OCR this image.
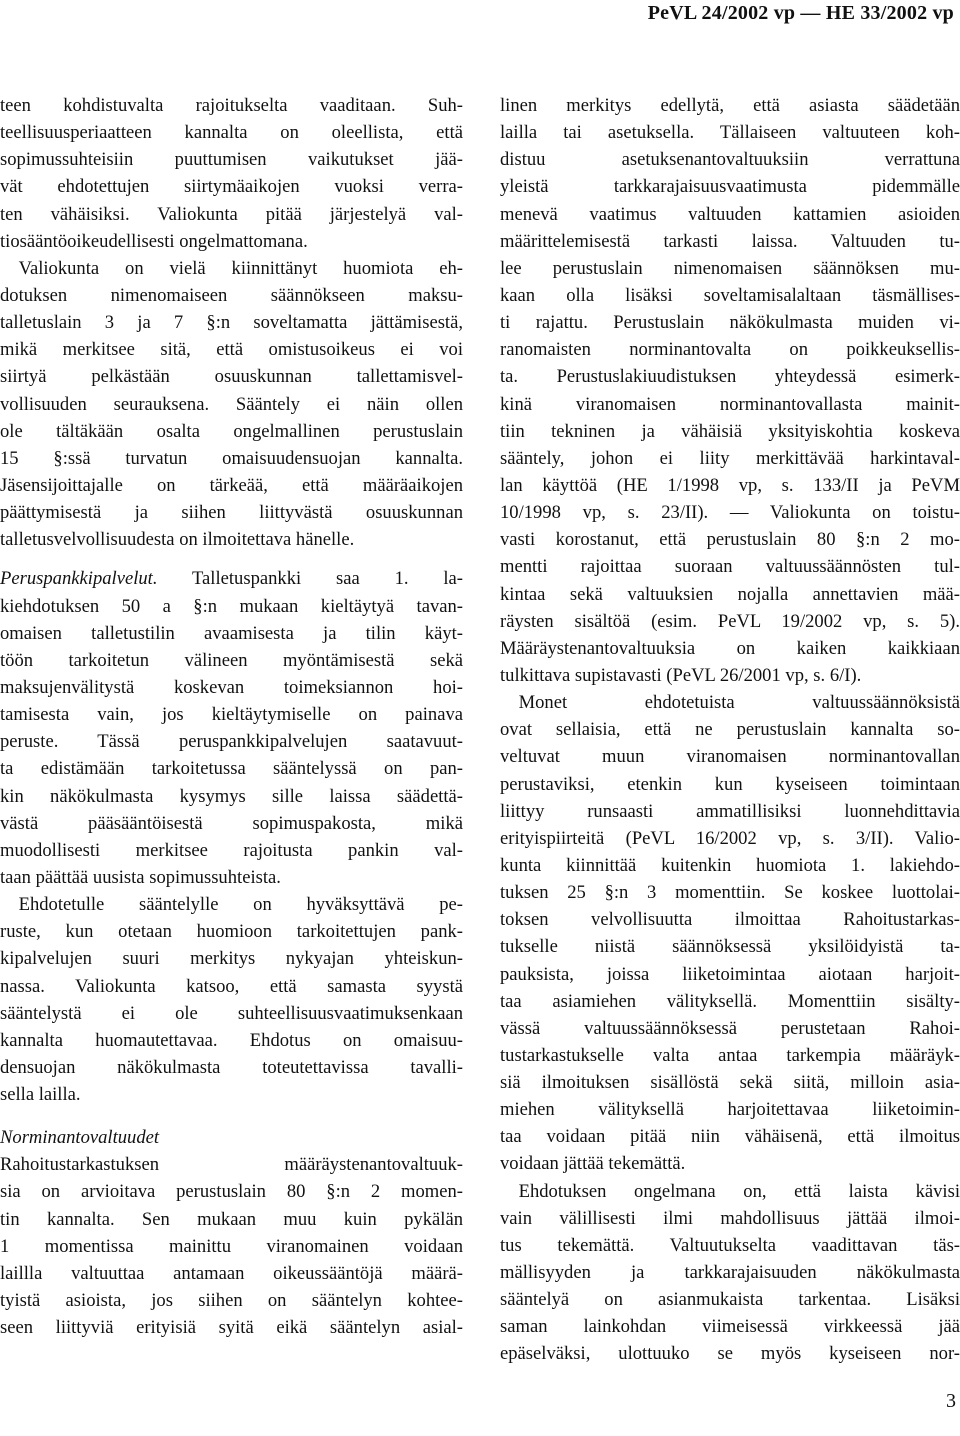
PeVL 24/2002 vp — HE 33/2002 vp
teen kohdistuvalta rajoitukselta vaaditaan. Suh-
teellisuusperiaatteen kannalta on oleellista, että
sopimussuhteisiin puuttumisen vaikutukset jää-
vät ehdotettujen siirtymäaikojen vuoksi verra-
ten vähäisiksi. Valiokunta pitää järjestelyä val-
tiosääntöoikeudellisesti ongelmattomana.
 Valiokunta on vielä kiinnittänyt huomiota eh-
dotuksen nimenomaiseen säännökseen maksu-
talletuslain 3 ja 7 §:n soveltamatta jättämisestä,
mikä merkitsee sitä, että omistusoikeus ei voi
siirtyä pelkästään osuuskunnan tallettamisvel-
vollisuuden seurauksena. Sääntely ei näin ollen
ole tältäkään osalta ongelmallinen perustuslain
15 §:ssä turvatun omaisuudensuojan kannalta.
Jäsensijoittajalle on tärkeää, että määräaikojen
päättymisestä ja siihen liittyvästä osuuskunnan
talletusvelvollisuudesta on ilmoitettava hänelle.
Peruspankkipalvelut. Talletuspankki saa 1. la-
kiehdotuksen 50 a §:n mukaan kieltäytyä tavan-
omaisen talletustilin avaamisesta ja tilin käyt-
töön tarkoitetun välineen myöntämisestä sekä
maksujenvälitystä koskevan toimeksiannon hoi-
tamisesta vain, jos kieltäytymiselle on painava
peruste. Tässä peruspankkipalvelujen saatavuut-
ta edistämään tarkoitetussa sääntelyssä on pan-
kin näkökulmasta kysymys sille laissa säädettä-
västä pääsääntöisestä sopimuspakosta, mikä
muodollisesti merkitsee rajoitusta pankin val-
taan päättää uusista sopimussuhteista.
 Ehdotetulle sääntelylle on hyväksyttävä pe-
ruste, kun otetaan huomioon tarkoitettujen pank-
kipalvelujen suuri merkitys nykyajan yhteiskun-
nassa. Valiokunta katsoo, että samasta syystä
sääntelystä ei ole suhteellisuusvaatimuksenkaan
kannalta huomautettavaa. Ehdotus on omaisuu-
densuojan näkökulmasta toteutettavissa tavalli-
sella lailla.
Norminantovaltuudet
Rahoitustarkastuksen määräystenantovaltuuk-
sia on arvioitava perustuslain 80 §:n 2 momen-
tin kannalta. Sen mukaan muu kuin pykälän
1 momentissa mainittu viranomainen voidaan
laillla valtuuttaa antamaan oikeussääntöjä määrä-
tyistä asioista, jos siihen on sääntelyn kohtee-
seen liittyviä erityisiä syitä eikä sääntelyn asial-
linen merkitys edellytä, että asiasta säädetään
lailla tai asetuksella. Tällaiseen valtuuteen koh-
distuu asetuksenantovaltuuksiin verrattuna
yleistä tarkkarajaisuusvaatimusta pidemmälle
menevä vaatimus valtuuden kattamien asioiden
määrittelemisestä tarkasti laissa. Valtuuden tu-
lee perustuslain nimenomaisen säännöksen mu-
kaan olla lisäksi soveltamisalaltaan täsmällises-
ti rajattu. Perustuslain näkökulmasta muiden vi-
ranomaisten norminantovalta on poikkeuksellis-
ta. Perustuslakiuudistuksen yhteydessä esimerk-
kinä viranomaisen norminantovallasta mainit-
tiin tekninen ja vähäisiä yksityiskohtia koskeva
sääntely, johon ei liity merkittävää harkintaval-
lan käyttöä (HE 1/1998 vp, s. 133/II ja PeVM
10/1998 vp, s. 23/II). — Valiokunta on toistu-
vasti korostanut, että perustuslain 80 §:n 2 mo-
mentti rajoittaa suoraan valtuussäännösten tul-
kintaa sekä valtuuksien nojalla annettavien mää-
räysten sisältöä (esim. PeVL 19/2002 vp, s. 5).
Määräystenantovaltuuksia on kaiken kaikkiaan
tulkittava supistavasti (PeVL 26/2001 vp, s. 6/I).
 Monet ehdotetuista valtuussäännöksistä
ovat sellaisia, että ne perustuslain kannalta so-
veltuvat muun viranomaisen norminantovallan
perustaviksi, etenkin kun kyseiseen toimintaan
liittyy runsaasti ammatillisiksi luonnehdittavia
erityispiirteitä (PeVL 16/2002 vp, s. 3/II). Valio-
kunta kiinnittää kuitenkin huomiota 1. lakiehdo-
tuksen 25 §:n 3 momenttiin. Se koskee luottolai-
toksen velvollisuutta ilmoittaa Rahoitustarkas-
tukselle niistä säännöksessä yksilöidyistä ta-
pauksista, joissa liiketoimintaa aiotaan harjoit-
taa asiamiehen välityksellä. Momenttiin sisälty-
vässä valtuussäännöksessä perustetaan Rahoi-
tustarkastukselle valta antaa tarkempia määräyk-
siä ilmoituksen sisällöstä sekä siitä, milloin asia-
miehen välityksellä harjoitettavaa liiketoimin-
taa voidaan pitää niin vähäisenä, että ilmoitus
voidaan jättää tekemättä.
 Ehdotuksen ongelmana on, että laista kävisi
vain välillisesti ilmi mahdollisuus jättää ilmoi-
tus tekemättä. Valtuutukselta vaadittavan täs-
mällisyyden ja tarkkarajaisuuden näkökulmasta
sääntelyä on asianmukaista tarkentaa. Lisäksi
saman lainkohdan viimeisessä virkkeessä jää
epäselväksi, ulottuuko se myös kyseiseen nor-
3
